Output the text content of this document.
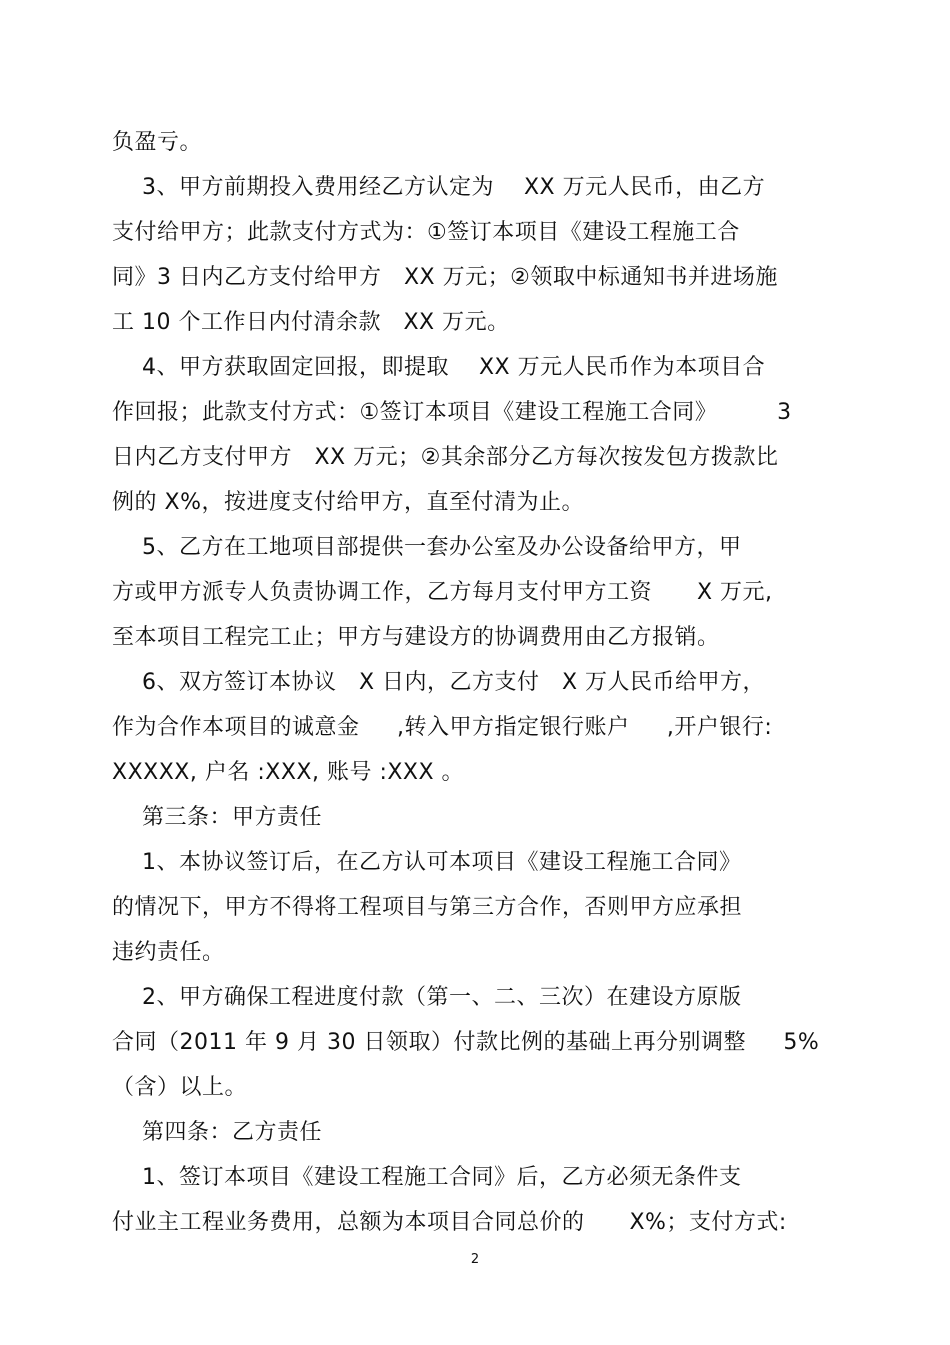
负盈亏。
3、甲方前期投入费用经乙方认定为    XX 万元人民币，由乙方
支付给甲方；此款支付方式为：①签订本项目《建设工程施工合
同》3 日内乙方支付给甲方   XX 万元；②领取中标通知书并进场施
工 10 个工作日内付清余款   XX 万元。
4、甲方获取固定回报，即提取    XX 万元人民币作为本项目合
作回报；此款支付方式：①签订本项目《建设工程施工合同》        3
日内乙方支付甲方   XX 万元；②其余部分乙方每次按发包方拨款比
例的 X%，按进度支付给甲方，直至付清为止。
5、乙方在工地项目部提供一套办公室及办公设备给甲方，甲
方或甲方派专人负责协调工作，乙方每月支付甲方工资      X 万元,
至本项目工程完工止；甲方与建设方的协调费用由乙方报销。
6、双方签订本协议   X 日内，乙方支付   X 万人民币给甲方，
作为合作本项目的诚意金     ,转入甲方指定银行账户     ,开户银行:
XXXXX, 户名 :XXX, 账号 :XXX 。
第三条：甲方责任
1、本协议签订后，在乙方认可本项目《建设工程施工合同》
的情况下，甲方不得将工程项目与第三方合作，否则甲方应承担
违约责任。
2、甲方确保工程进度付款（第一、二、三次）在建设方原版
合同（2011 年 9 月 30 日领取）付款比例的基础上再分别调整     5%
（含）以上。
第四条：乙方责任
1、签订本项目《建设工程施工合同》后，乙方必须无条件支
付业主工程业务费用，总额为本项目合同总价的      X%；支付方式:
2
